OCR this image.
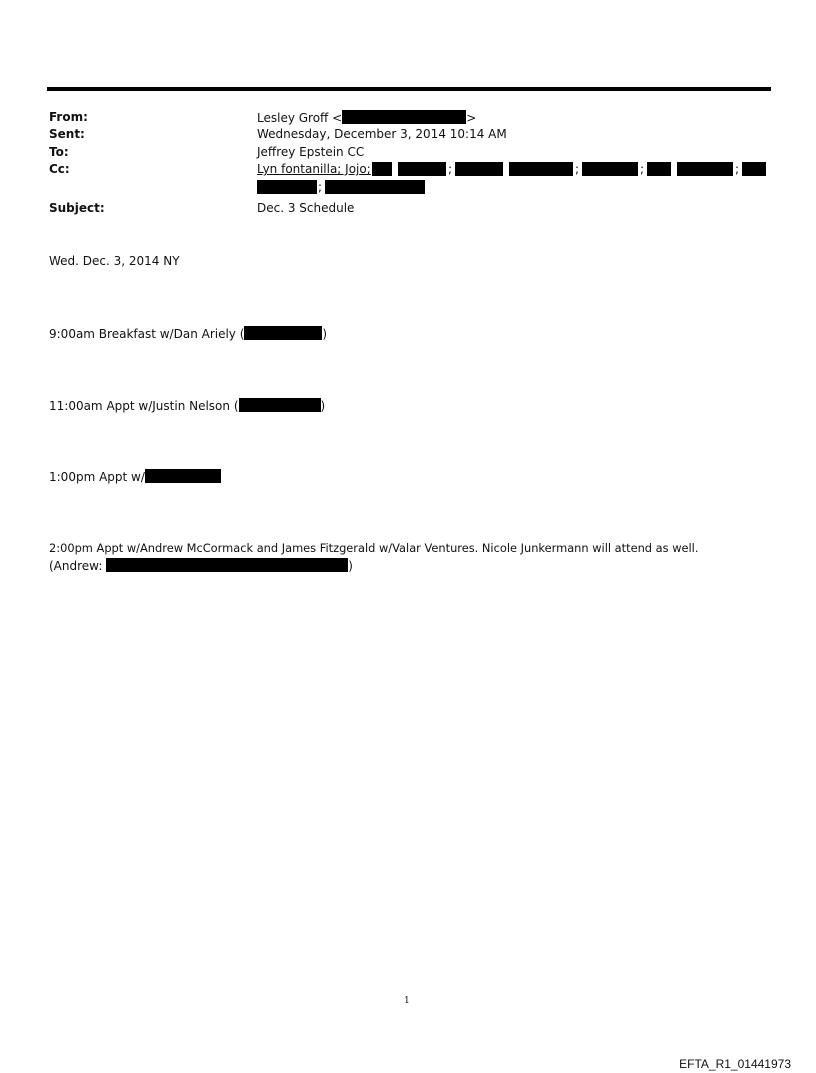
From:	Lesley Groff <	>
Sent:	Wednesday, December 3, 2014 10:14 AM
To:	Jeffrey Epstein CC
Cc:	Lyn fontanilla; Jojo;	;	;	;	;
;
Subject:	Dec. 3 Schedule
Wed. Dec. 3, 2014 NY
9:00am Breakfast w/Dan Ariely (	)
11:00am Appt w/Justin Nelson (	)
1:00pm Appt w/
2:00pm Appt w/Andrew McCormack and James Fitzgerald w/Valar Ventures. Nicole Junkermann will attend as well.
(Andrew:	)
1
EFTA_R1_01441973
